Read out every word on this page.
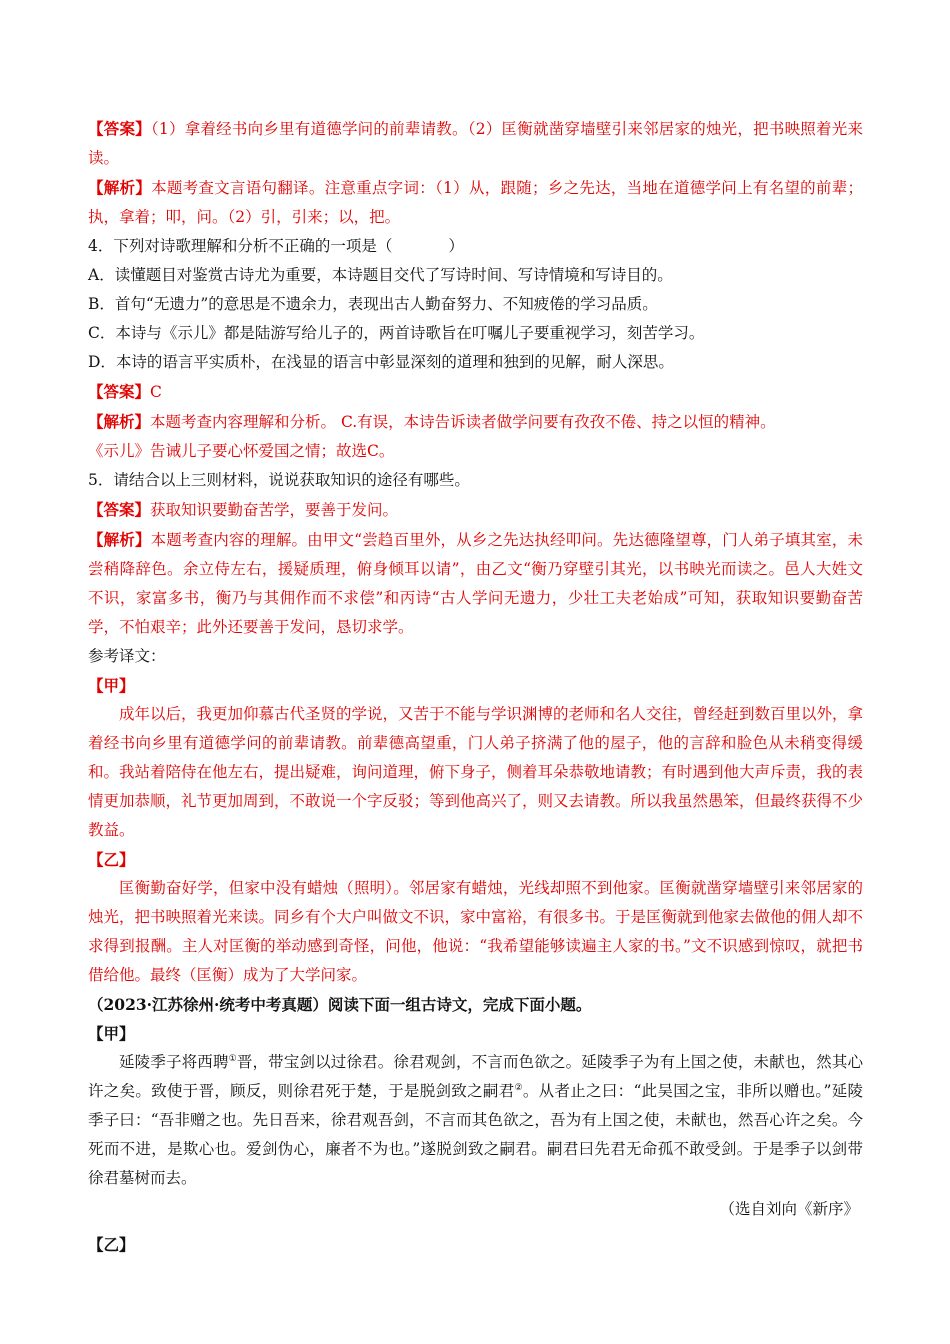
【答案】（1）拿着经书向乡里有道德学问的前辈请教。（2）匡衡就凿穿墙壁引来邻居家的烛光，把书映照着光来读。

【解析】本题考查文言语句翻译。注意重点字词：（1）从，跟随；乡之先达，当地在道德学问上有名望的前辈；执，拿着；叩，问。（2）引，引来；以，把。

4．下列对诗歌理解和分析不正确的一项是（	）

A．读懂题目对鉴赏古诗尤为重要，本诗题目交代了写诗时间、写诗情境和写诗目的。

B．首句“无遗力”的意思是不遗余力，表现出古人勤奋努力、不知疲倦的学习品质。

C．本诗与《示儿》都是陆游写给儿子的，两首诗歌旨在叮嘱儿子要重视学习，刻苦学习。

D．本诗的语言平实质朴，在浅显的语言中彰显深刻的道理和独到的见解，耐人深思。

【答案】C

【解析】本题考查内容理解和分析。 C.有误，本诗告诉读者做学问要有孜孜不倦、持之以恒的精神。

《示儿》告诫儿子要心怀爱国之情；故选C。

5．请结合以上三则材料，说说获取知识的途径有哪些。

【答案】获取知识要勤奋苦学，要善于发问。

【解析】本题考查内容的理解。由甲文“尝趋百里外，从乡之先达执经叩问。先达德隆望尊，门人弟子填其室，未尝稍降辞色。余立侍左右，援疑质理，俯身倾耳以请”，由乙文“衡乃穿壁引其光，以书映光而读之。邑人大姓文不识，家富多书，衡乃与其佣作而不求偿”和丙诗“古人学问无遗力，少壮工夫老始成”可知，获取知识要勤奋苦学，不怕艰辛；此外还要善于发问，恳切求学。

参考译文：

【甲】

成年以后，我更加仰慕古代圣贤的学说，又苦于不能与学识渊博的老师和名人交往，曾经赶到数百里以外，拿着经书向乡里有道德学问的前辈请教。前辈德高望重，门人弟子挤满了他的屋子，他的言辞和脸色从未稍变得缓和。我站着陪侍在他左右，提出疑难，询问道理，俯下身子，侧着耳朵恭敬地请教；有时遇到他大声斥责，我的表情更加恭顺，礼节更加周到，不敢说一个字反驳；等到他高兴了，则又去请教。所以我虽然愚笨，但最终获得不少教益。

【乙】

匡衡勤奋好学，但家中没有蜡烛（照明）。邻居家有蜡烛，光线却照不到他家。匡衡就凿穿墙壁引来邻居家的烛光，把书映照着光来读。同乡有个大户叫做文不识，家中富裕，有很多书。于是匡衡就到他家去做他的佣人却不求得到报酬。主人对匡衡的举动感到奇怪，问他，他说：“我希望能够读遍主人家的书。”文不识感到惊叹，就把书借给他。最终（匡衡）成为了大学问家。

（2023·江苏徐州·统考中考真题）阅读下面一组古诗文，完成下面小题。

【甲】

延陵季子将西聘①晋，带宝剑以过徐君。徐君观剑，不言而色欲之。延陵季子为有上国之使，未献也，然其心许之矣。致使于晋，顾反，则徐君死于楚，于是脱剑致之嗣君②。从者止之曰：“此吴国之宝，非所以赠也。”延陵季子曰：“吾非赠之也。先日吾来，徐君观吾剑，不言而其色欲之，吾为有上国之使，未献也，然吾心许之矣。今死而不进，是欺心也。爱剑伪心，廉者不为也。”遂脱剑致之嗣君。嗣君曰先君无命孤不敢受剑。于是季子以剑带徐君墓树而去。

（选自刘向《新序》

【乙】
